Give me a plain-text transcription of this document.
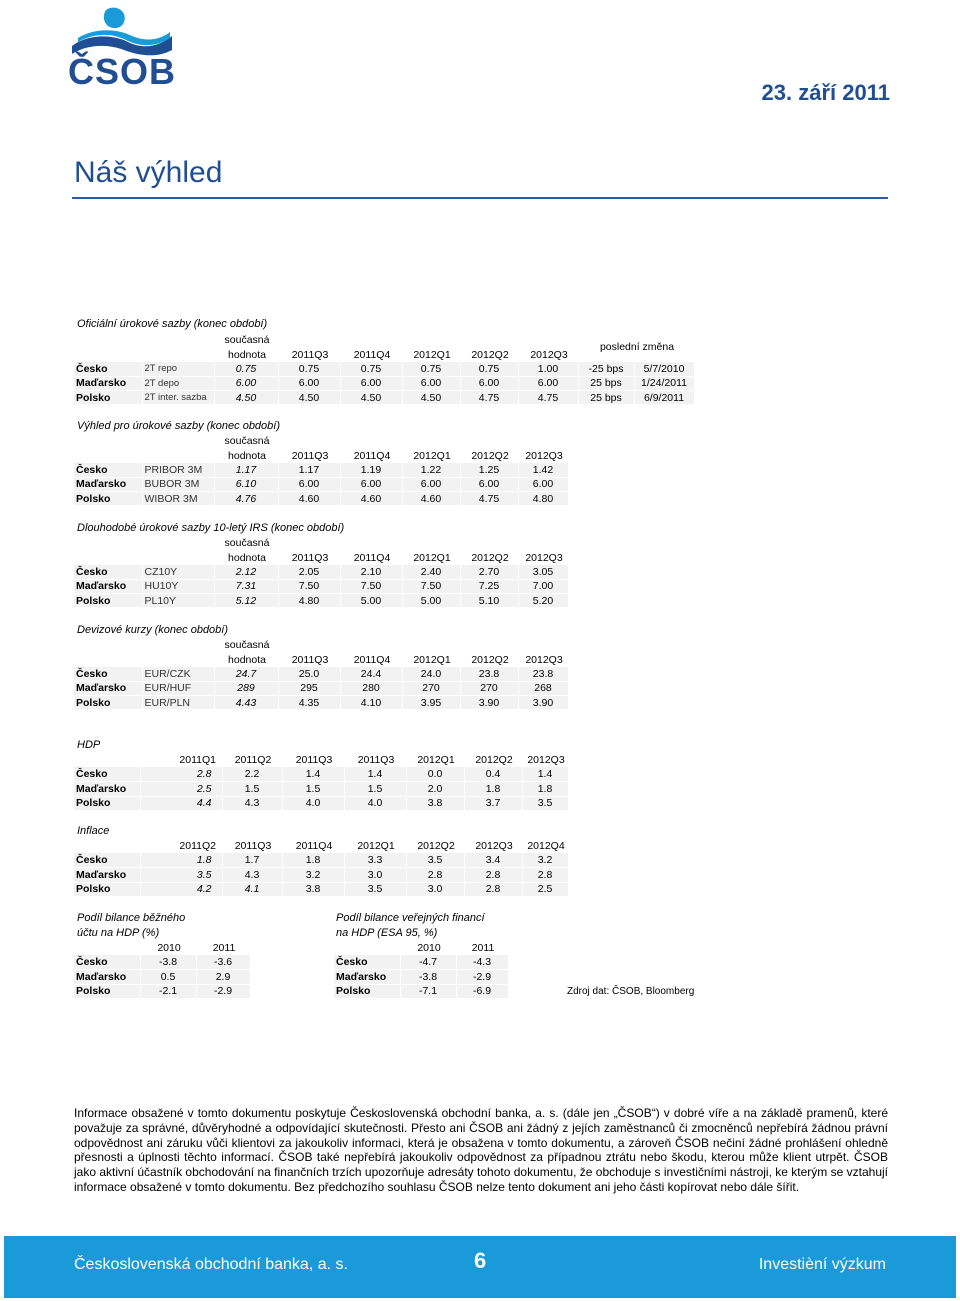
ČSOB
23. září 2011
Náš výhled
Oficiální úrokové sazby (konec období)
		současná						poslední změna	
		hodnota	2011Q3	2011Q4	2012Q1	2012Q2	2012Q3		
Česko	2T repo	0.75	0.75	0.75	0.75	0.75	1.00	-25 bps	5/7/2010
Maďarsko	2T depo	6.00	6.00	6.00	6.00	6.00	6.00	25 bps	1/24/2011
Polsko	2T inter. sazba	4.50	4.50	4.50	4.50	4.75	4.75	25 bps	6/9/2011
Výhled pro úrokové sazby (konec období)
		současná					
		hodnota	2011Q3	2011Q4	2012Q1	2012Q2	2012Q3
Česko	PRIBOR 3M	1.17	1.17	1.19	1.22	1.25	1.42
Maďarsko	BUBOR 3M	6.10	6.00	6.00	6.00	6.00	6.00
Polsko	WIBOR 3M	4.76	4.60	4.60	4.60	4.75	4.80
Dlouhodobé úrokové sazby 10-letý IRS (konec období)
		současná					
		hodnota	2011Q3	2011Q4	2012Q1	2012Q2	2012Q3
Česko	CZ10Y	2.12	2.05	2.10	2.40	2.70	3.05
Maďarsko	HU10Y	7.31	7.50	7.50	7.50	7.25	7.00
Polsko	PL10Y	5.12	4.80	5.00	5.00	5.10	5.20
Devizové kurzy (konec období)
		současná					
		hodnota	2011Q3	2011Q4	2012Q1	2012Q2	2012Q3
Česko	EUR/CZK	24.7	25.0	24.4	24.0	23.8	23.8
Maďarsko	EUR/HUF	289	295	280	270	270	268
Polsko	EUR/PLN	4.43	4.35	4.10	3.95	3.90	3.90
HDP
	2011Q1	2011Q2	2011Q3	2011Q3	2012Q1	2012Q2	2012Q3
Česko	2.8	2.2	1.4	1.4	0.0	0.4	1.4
Maďarsko	2.5	1.5	1.5	1.5	2.0	1.8	1.8
Polsko	4.4	4.3	4.0	4.0	3.8	3.7	3.5
Inflace
	2011Q2	2011Q3	2011Q4	2012Q1	2012Q2	2012Q3	2012Q4
Česko	1.8	1.7	1.8	3.3	3.5	3.4	3.2
Maďarsko	3.5	4.3	3.2	3.0	2.8	2.8	2.8
Polsko	4.2	4.1	3.8	3.5	3.0	2.8	2.5
Podíl bilance běžného
účtu na HDP (%)
	2010	2011
Česko	-3.8	-3.6
Maďarsko	0.5	2.9
Polsko	-2.1	-2.9
Podíl bilance veřejných financí
na HDP (ESA 95, %)
	2010	2011
Česko	-4.7	-4.3
Maďarsko	-3.8	-2.9
Polsko	-7.1	-6.9	Zdroj dat: ČSOB, Bloomberg
Informace obsažené v tomto dokumentu poskytuje Československá obchodní banka, a. s. (dále jen „ČSOB“) v dobré víře a na základě pramenů, které považuje za správné, důvěryhodné a odpovídající skutečnosti. Přesto ani ČSOB ani žádný z jejích zaměstnanců či zmocněnců nepřebírá žádnou právní odpovědnost ani záruku vůči klientovi za jakoukoliv informaci, která je obsažena v tomto dokumentu, a zároveň ČSOB nečiní žádné prohlášení ohledně přesnosti a úplnosti těchto informací. ČSOB také nepřebírá jakoukoliv odpovědnost za případnou ztrátu nebo škodu, kterou může klient utrpět. ČSOB jako aktivní účastník obchodování na finančních trzích upozorňuje adresáty tohoto dokumentu, že obchoduje s investičními nástroji, ke kterým se vztahují informace obsažené v tomto dokumentu. Bez předchozího souhlasu ČSOB nelze tento dokument ani jeho části kopírovat nebo dále šířit.
Československá obchodní banka, a. s.	6	Investièní výzkum
